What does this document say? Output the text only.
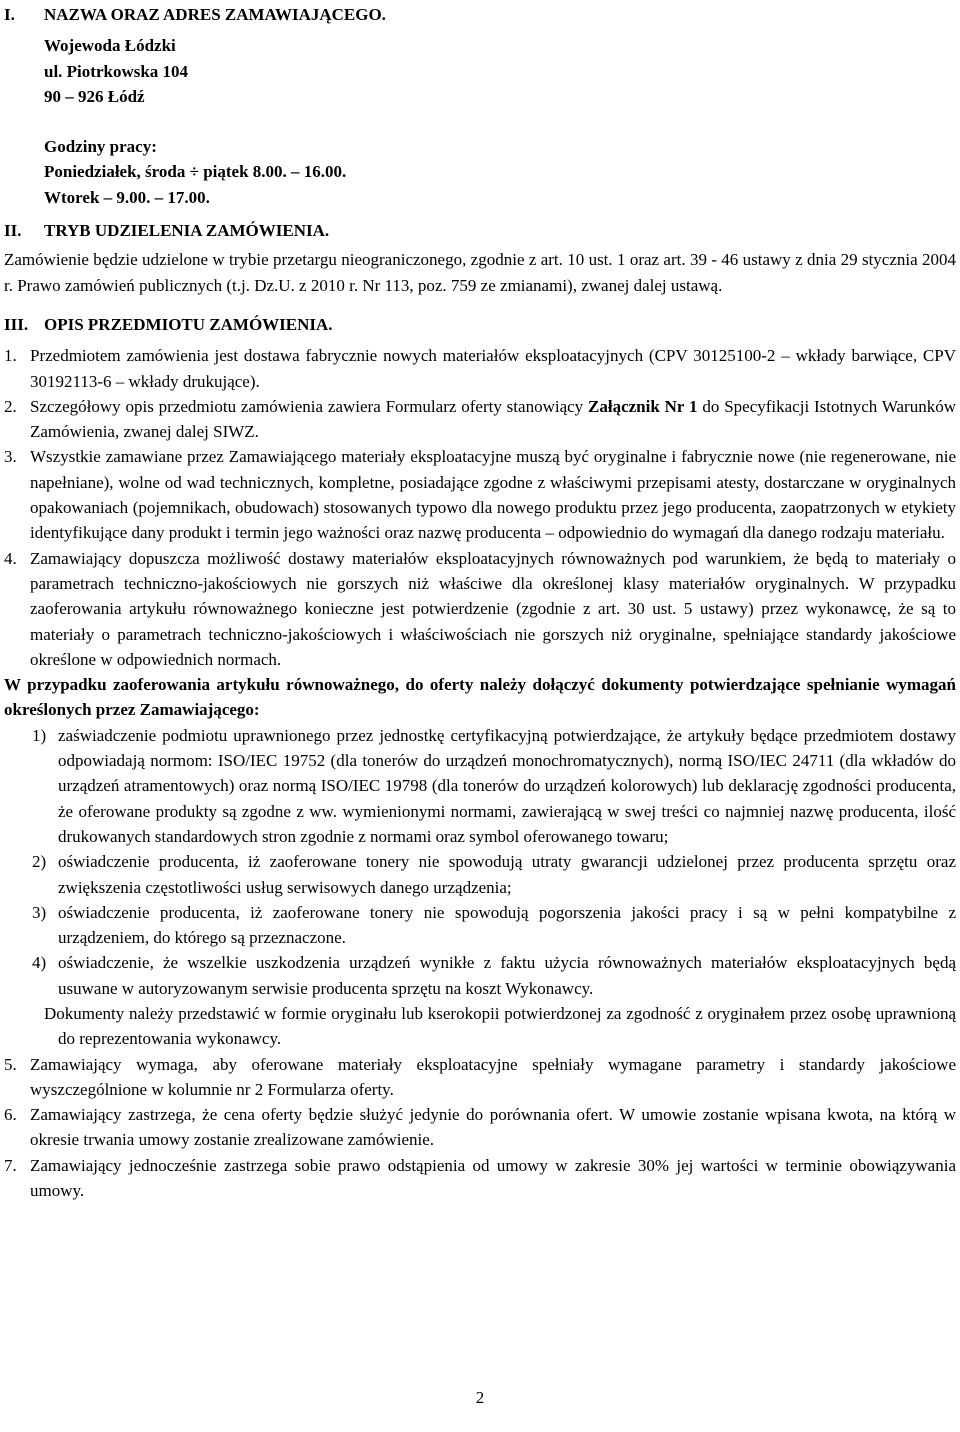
I. NAZWA ORAZ ADRES ZAMAWIAJĄCEGO.
Wojewoda Łódzki
ul. Piotrkowska 104
90 – 926 Łódź
Godziny pracy:
Poniedziałek, środa ÷ piątek 8.00. – 16.00.
Wtorek – 9.00. – 17.00.
II. TRYB UDZIELENIA ZAMÓWIENIA.
Zamówienie będzie udzielone w trybie przetargu nieograniczonego, zgodnie z art. 10 ust. 1 oraz art. 39 - 46 ustawy z dnia 29 stycznia 2004 r. Prawo zamówień publicznych (t.j. Dz.U. z 2010 r. Nr 113, poz. 759 ze zmianami), zwanej dalej ustawą.
III. OPIS PRZEDMIOTU ZAMÓWIENIA.
1. Przedmiotem zamówienia jest dostawa fabrycznie nowych materiałów eksploatacyjnych (CPV 30125100-2 – wkłady barwiące, CPV 30192113-6 – wkłady drukujące).
2. Szczegółowy opis przedmiotu zamówienia zawiera Formularz oferty stanowiący Załącznik Nr 1 do Specyfikacji Istotnych Warunków Zamówienia, zwanej dalej SIWZ.
3. Wszystkie zamawiane przez Zamawiającego materiały eksploatacyjne muszą być oryginalne i fabrycznie nowe (nie regenerowane, nie napełniane), wolne od wad technicznych, kompletne, posiadające zgodne z właściwymi przepisami atesty, dostarczane w oryginalnych opakowaniach (pojemnikach, obudowach) stosowanych typowo dla nowego produktu przez jego producenta, zaopatrzonych w etykiety identyfikujące dany produkt i termin jego ważności oraz nazwę producenta – odpowiednio do wymagań dla danego rodzaju materiału.
4. Zamawiający dopuszcza możliwość dostawy materiałów eksploatacyjnych równoważnych pod warunkiem, że będą to materiały o parametrach techniczno-jakościowych nie gorszych niż właściwe dla określonej klasy materiałów oryginalnych. W przypadku zaoferowania artykułu równoważnego konieczne jest potwierdzenie (zgodnie z art. 30 ust. 5 ustawy) przez wykonawcę, że są to materiały o parametrach techniczno-jakościowych i właściwościach nie gorszych niż oryginalne, spełniające standardy jakościowe określone w odpowiednich normach.
W przypadku zaoferowania artykułu równoważnego, do oferty należy dołączyć dokumenty potwierdzające spełnianie wymagań określonych przez Zamawiającego:
1) zaświadczenie podmiotu uprawnionego przez jednostkę certyfikacyjną potwierdzające, że artykuły będące przedmiotem dostawy odpowiadają normom: ISO/IEC 19752 (dla tonerów do urządzeń monochromatycznych), normą ISO/IEC 24711 (dla wkładów do urządzeń atramentowych) oraz normą ISO/IEC 19798 (dla tonerów do urządzeń kolorowych) lub deklarację zgodności producenta, że oferowane produkty są zgodne z ww. wymienionymi normami, zawierającą w swej treści co najmniej nazwę producenta, ilość drukowanych standardowych stron zgodnie z normami oraz symbol oferowanego towaru;
2) oświadczenie producenta, iż zaoferowane tonery nie spowodują utraty gwarancji udzielonej przez producenta sprzętu oraz zwiększenia częstotliwości usług serwisowych danego urządzenia;
3) oświadczenie producenta, iż zaoferowane tonery nie spowodują pogorszenia jakości pracy i są w pełni kompatybilne z urządzeniem, do którego są przeznaczone.
4) oświadczenie, że wszelkie uszkodzenia urządzeń wynikłe z faktu użycia równoważnych materiałów eksploatacyjnych będą usuwane w autoryzowanym serwisie producenta sprzętu na koszt Wykonawcy.
Dokumenty należy przedstawić w formie oryginału lub kserokopii potwierdzonej za zgodność z oryginałem przez osobę uprawnioną do reprezentowania wykonawcy.
5. Zamawiający wymaga, aby oferowane materiały eksploatacyjne spełniały wymagane parametry i standardy jakościowe wyszczególnione w kolumnie nr 2 Formularza oferty.
6. Zamawiający zastrzega, że cena oferty będzie służyć jedynie do porównania ofert. W umowie zostanie wpisana kwota, na którą w okresie trwania umowy zostanie zrealizowane zamówienie.
7. Zamawiający jednocześnie zastrzega sobie prawo odstąpienia od umowy w zakresie 30% jej wartości w terminie obowiązywania umowy.
2
